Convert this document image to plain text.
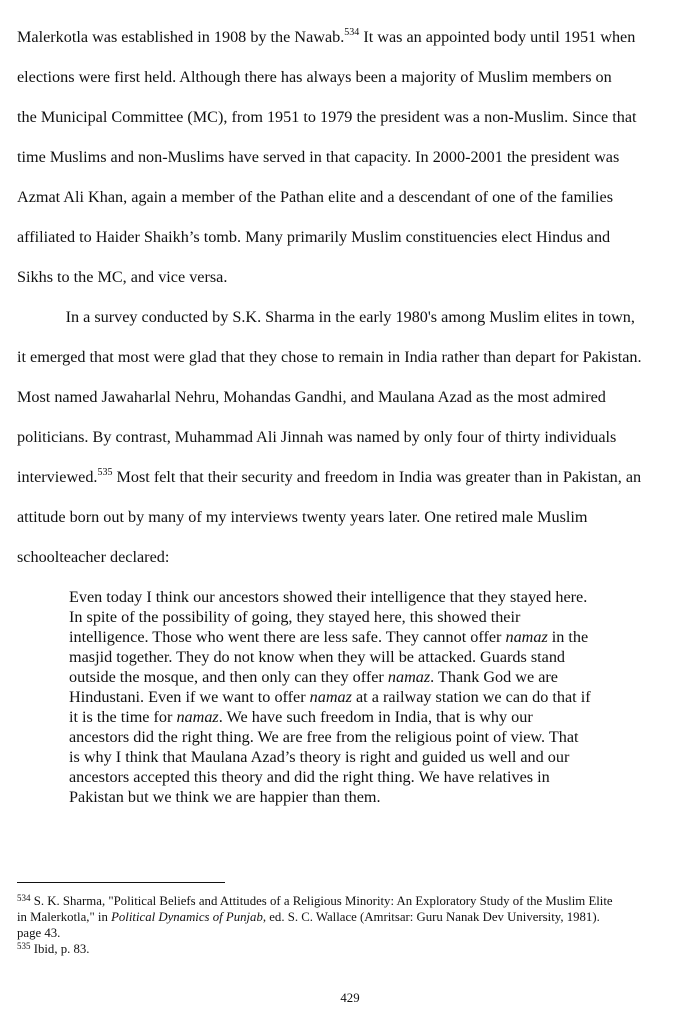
Malerkotla was established in 1908 by the Nawab.$^{534}$ It was an appointed body until 1951 when
elections were first held. Although there has always been a majority of Muslim members on
the Municipal Committee (MC), from 1951 to 1979 the president was a non-Muslim. Since that
time Muslims and non-Muslims have served in that capacity. In 2000-2001 the president was
Azmat Ali Khan, again a member of the Pathan elite and a descendant of one of the families
affiliated to Haider Shaikh’s tomb. Many primarily Muslim constituencies elect Hindus and
Sikhs to the MC, and vice versa.
In a survey conducted by S.K. Sharma in the early 1980's among Muslim elites in town,
it emerged that most were glad that they chose to remain in India rather than depart for Pakistan.
Most named Jawaharlal Nehru, Mohandas Gandhi, and Maulana Azad as the most admired
politicians. By contrast, Muhammad Ali Jinnah was named by only four of thirty individuals
interviewed.$^{535}$ Most felt that their security and freedom in India was greater than in Pakistan, an
attitude born out by many of my interviews twenty years later. One retired male Muslim
schoolteacher declared:
Even today I think our ancestors showed their intelligence that they stayed here.
In spite of the possibility of going, they stayed here, this showed their
intelligence. Those who went there are less safe. They cannot offer namaz in the
masjid together. They do not know when they will be attacked. Guards stand
outside the mosque, and then only can they offer namaz. Thank God we are
Hindustani. Even if we want to offer namaz at a railway station we can do that if
it is the time for namaz. We have such freedom in India, that is why our
ancestors did the right thing. We are free from the religious point of view. That
is why I think that Maulana Azad’s theory is right and guided us well and our
ancestors accepted this theory and did the right thing. We have relatives in
Pakistan but we think we are happier than them.
$^{534}$ S. K. Sharma, "Political Beliefs and Attitudes of a Religious Minority: An Exploratory Study of the Muslim Elite
in Malerkotla," in Political Dynamics of Punjab, ed. S. C. Wallace (Amritsar: Guru Nanak Dev University, 1981).
page 43.
$^{535}$ Ibid, p. 83.
429
